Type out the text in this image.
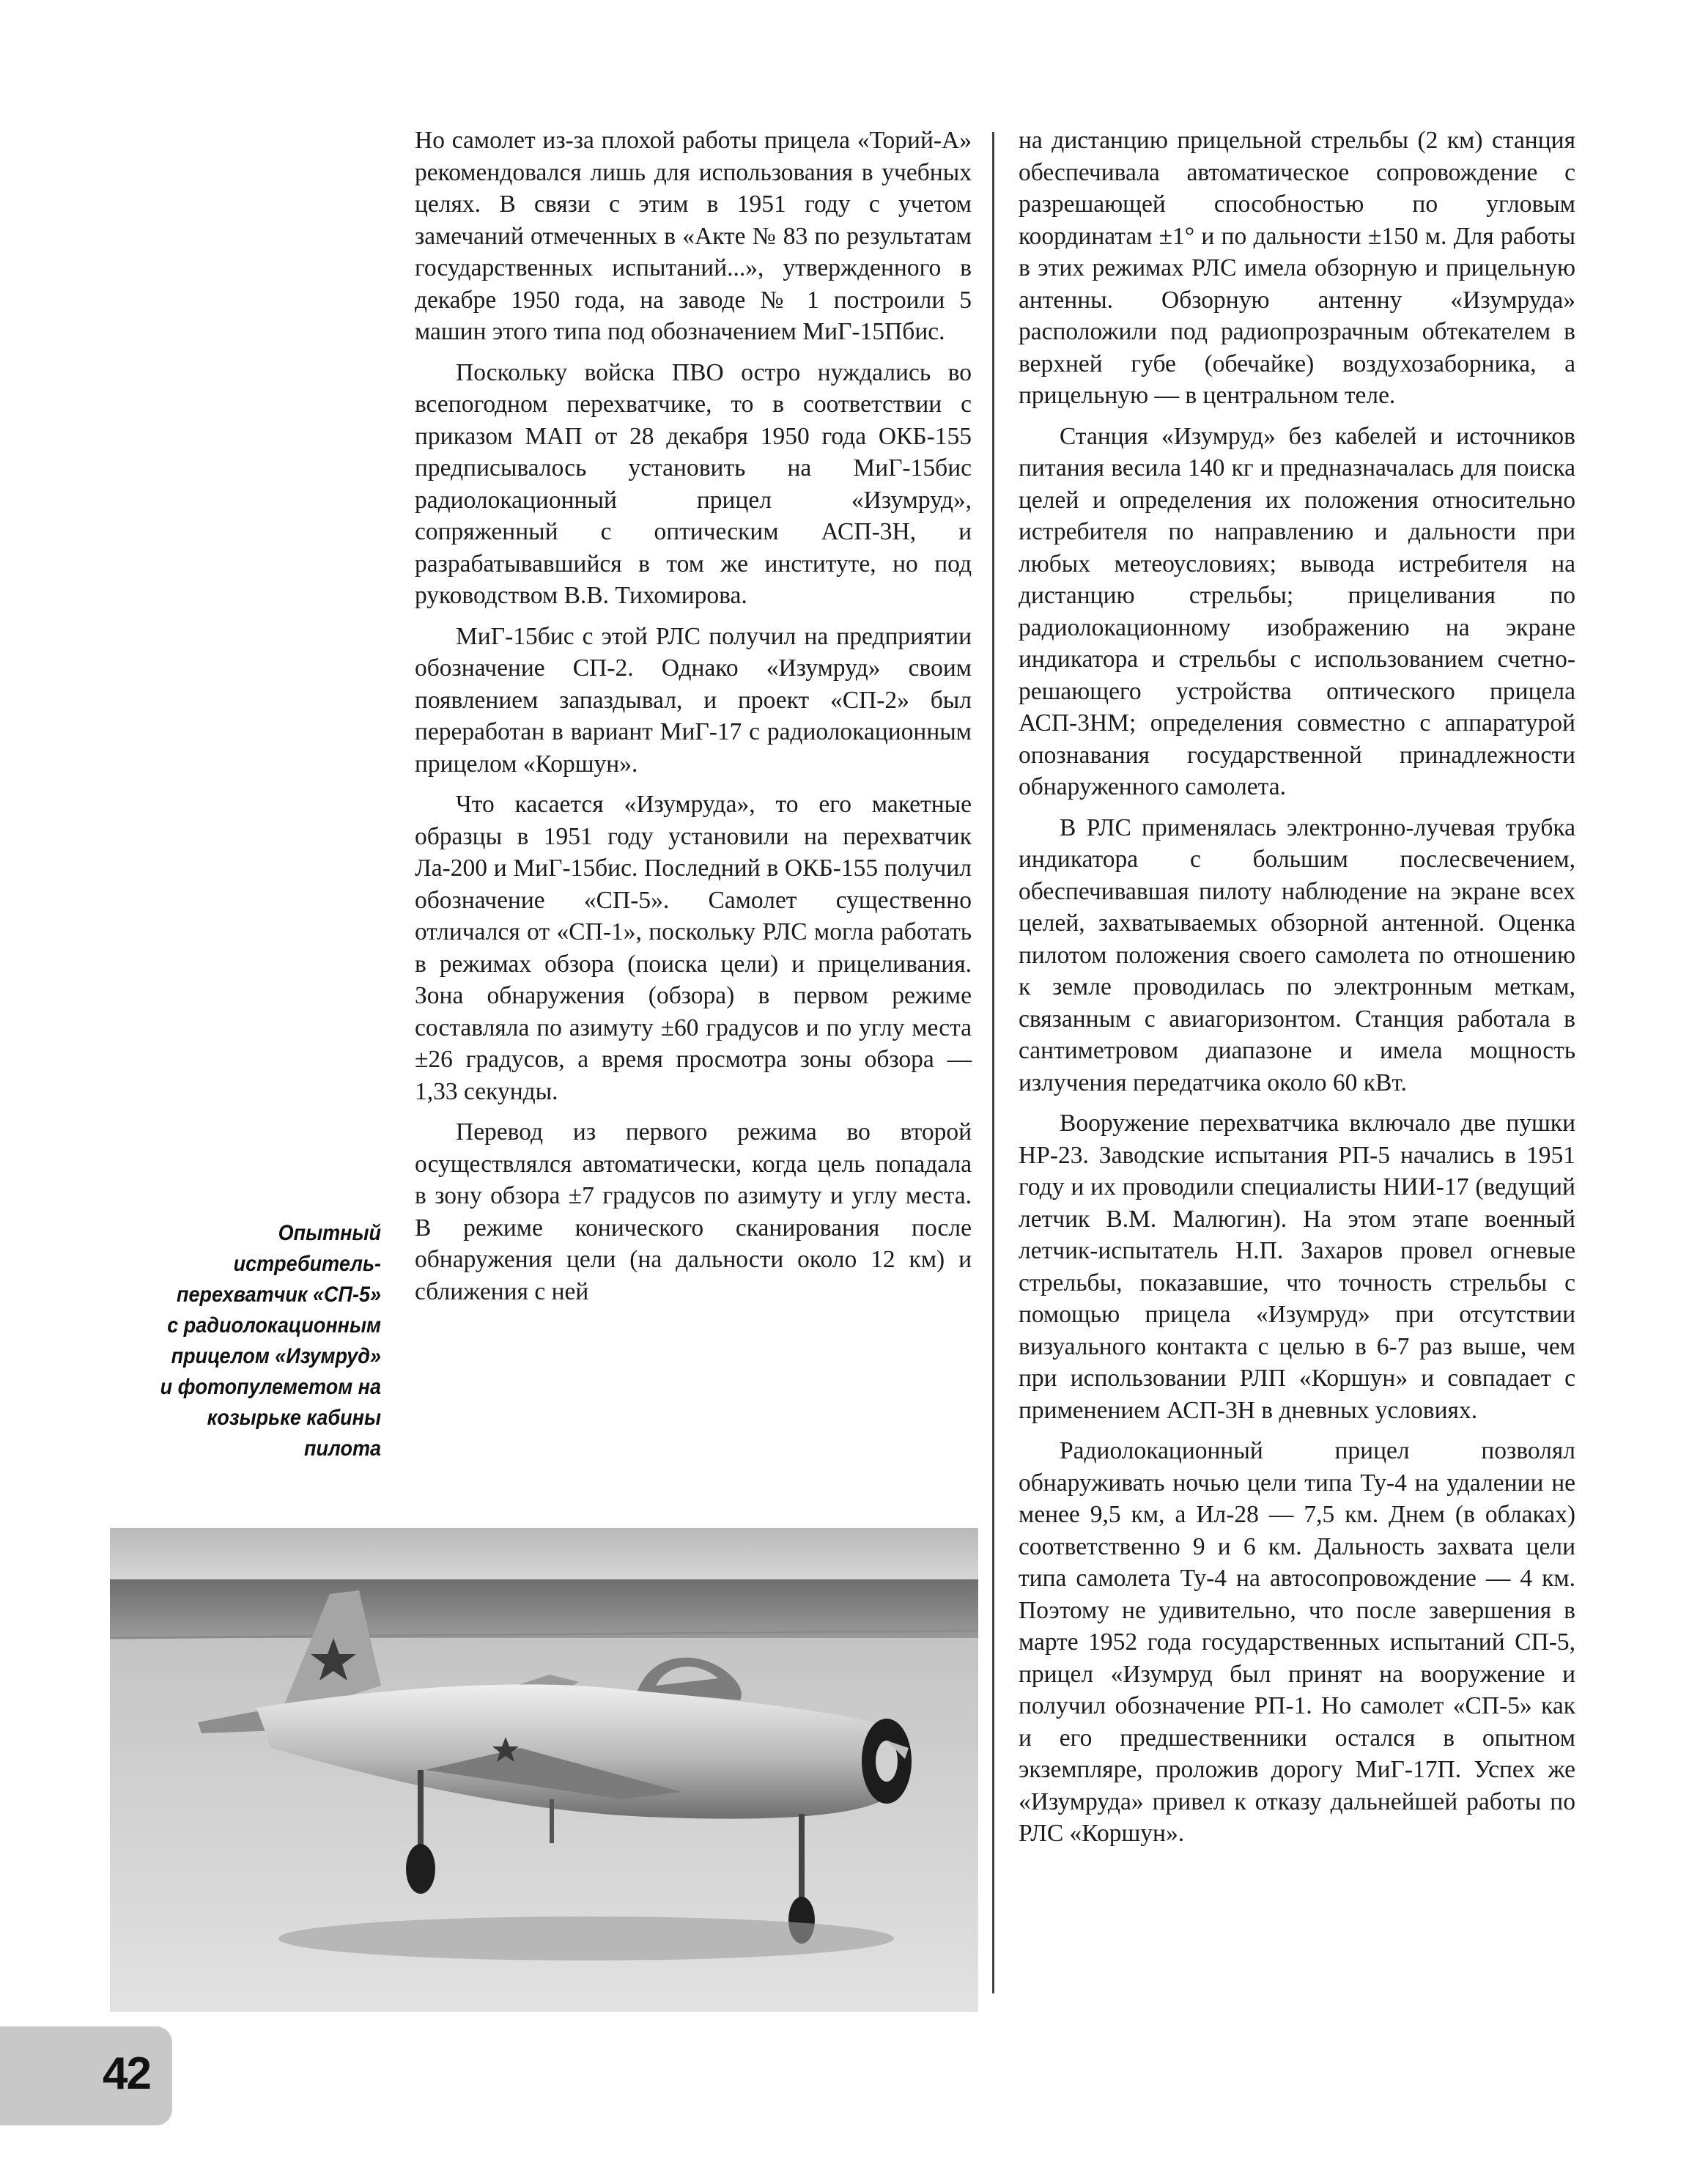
Но самолет из-за плохой работы прицела «Торий-А» рекомендовался лишь для использования в учебных целях. В связи с этим в 1951 году с учетом замечаний отмеченных в «Акте № 83 по результатам государственных испытаний...», утвержденного в декабре 1950 года, на заводе № 1 построили 5 машин этого типа под обозначением МиГ-15Пбис.

Поскольку войска ПВО остро нуждались во всепогодном перехватчике, то в соответствии с приказом МАП от 28 декабря 1950 года ОКБ-155 предписывалось установить на МиГ-15бис радиолокационный прицел «Изумруд», сопряженный с оптическим АСП-3Н, и разрабатывавшийся в том же институте, но под руководством В.В. Тихомирова.

МиГ-15бис с этой РЛС получил на предприятии обозначение СП-2. Однако «Изумруд» своим появлением запаздывал, и проект «СП-2» был переработан в вариант МиГ-17 с радиолокационным прицелом «Коршун».

Что касается «Изумруда», то его макетные образцы в 1951 году установили на перехватчик Ла-200 и МиГ-15бис. Последний в ОКБ-155 получил обозначение «СП-5». Самолет существенно отличался от «СП-1», поскольку РЛС могла работать в режимах обзора (поиска цели) и прицеливания. Зона обнаружения (обзора) в первом режиме составляла по азимуту ±60 градусов и по углу места ±26 градусов, а время просмотра зоны обзора — 1,33 секунды.

Перевод из первого режима во второй осуществлялся автоматически, когда цель попадала в зону обзора ±7 градусов по азимуту и углу места. В режиме конического сканирования после обнаружения цели (на дальности около 12 км) и сближения с ней

на дистанцию прицельной стрельбы (2 км) станция обеспечивала автоматическое сопровождение с разрешающей способностью по угловым координатам ±1° и по дальности ±150 м. Для работы в этих режимах РЛС имела обзорную и прицельную антенны. Обзорную антенну «Изумруда» расположили под радиопрозрачным обтекателем в верхней губе (обечайке) воздухозаборника, а прицельную — в центральном теле.

Станция «Изумруд» без кабелей и источников питания весила 140 кг и предназначалась для поиска целей и определения их положения относительно истребителя по направлению и дальности при любых метеоусловиях; вывода истребителя на дистанцию стрельбы; прицеливания по радиолокационному изображению на экране индикатора и стрельбы с использованием счетно-решающего устройства оптического прицела АСП-3НМ; определения совместно с аппаратурой опознавания государственной принадлежности обнаруженного самолета.

В РЛС применялась электронно-лучевая трубка индикатора с большим послесвечением, обеспечивавшая пилоту наблюдение на экране всех целей, захватываемых обзорной антенной. Оценка пилотом положения своего самолета по отношению к земле проводилась по электронным меткам, связанным с авиагоризонтом. Станция работала в сантиметровом диапазоне и имела мощность излучения передатчика около 60 кВт.

Вооружение перехватчика включало две пушки НР-23. Заводские испытания РП-5 начались в 1951 году и их проводили специалисты НИИ-17 (ведущий летчик В.М. Малюгин). На этом этапе военный летчик-испытатель Н.П. Захаров провел огневые стрельбы, показавшие, что точность стрельбы с помощью прицела «Изумруд» при отсутствии визуального контакта с целью в 6-7 раз выше, чем при использовании РЛП «Коршун» и совпадает с применением АСП-3Н в дневных условиях.

Радиолокационный прицел позволял обнаруживать ночью цели типа Ту-4 на удалении не менее 9,5 км, а Ил-28 — 7,5 км. Днем (в облаках) соответственно 9 и 6 км. Дальность захвата цели типа самолета Ту-4 на автосопровождение — 4 км. Поэтому не удивительно, что после завершения в марте 1952 года государственных испытаний СП-5, прицел «Изумруд был принят на вооружение и получил обозначение РП-1. Но самолет «СП-5» как и его предшественники остался в опытном экземпляре, проложив дорогу МиГ-17П. Успех же «Изумруда» привел к отказу дальнейшей работы по РЛС «Коршун».

Опытный истребитель-
перехватчик «СП-5»
с радиолокационным
прицелом «Изумруд»
и фотопулеметом на
козырьке кабины пилота
42
